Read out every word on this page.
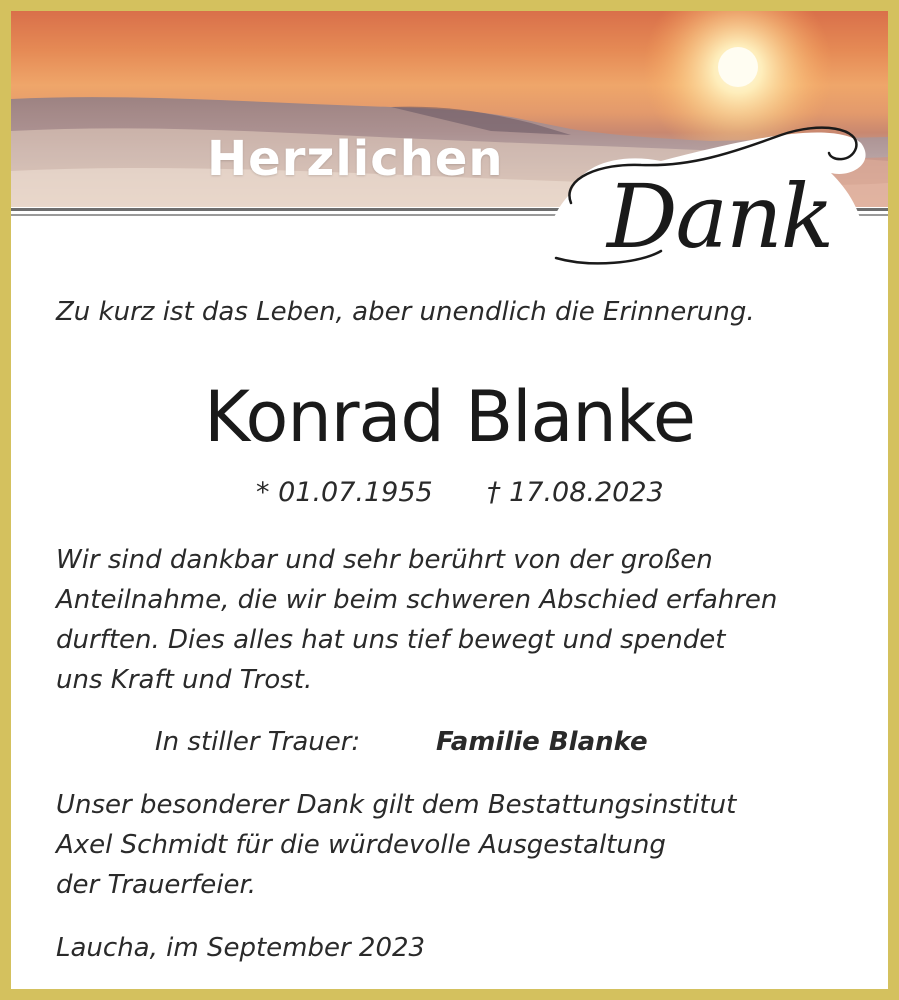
Herzlichen
Dank
Zu kurz ist das Leben, aber unendlich die Erinnerung.
Konrad Blanke
* 01.07.1955 † 17.08.2023
Wir sind dankbar und sehr berührt von der großen
Anteilnahme, die wir beim schweren Abschied erfahren
durften. Dies alles hat uns tief bewegt und spendet
uns Kraft und Trost.
In stiller Trauer:	Familie Blanke
Unser besonderer Dank gilt dem Bestattungsinstitut
Axel Schmidt für die würdevolle Ausgestaltung
der Trauerfeier.
Laucha, im September 2023
